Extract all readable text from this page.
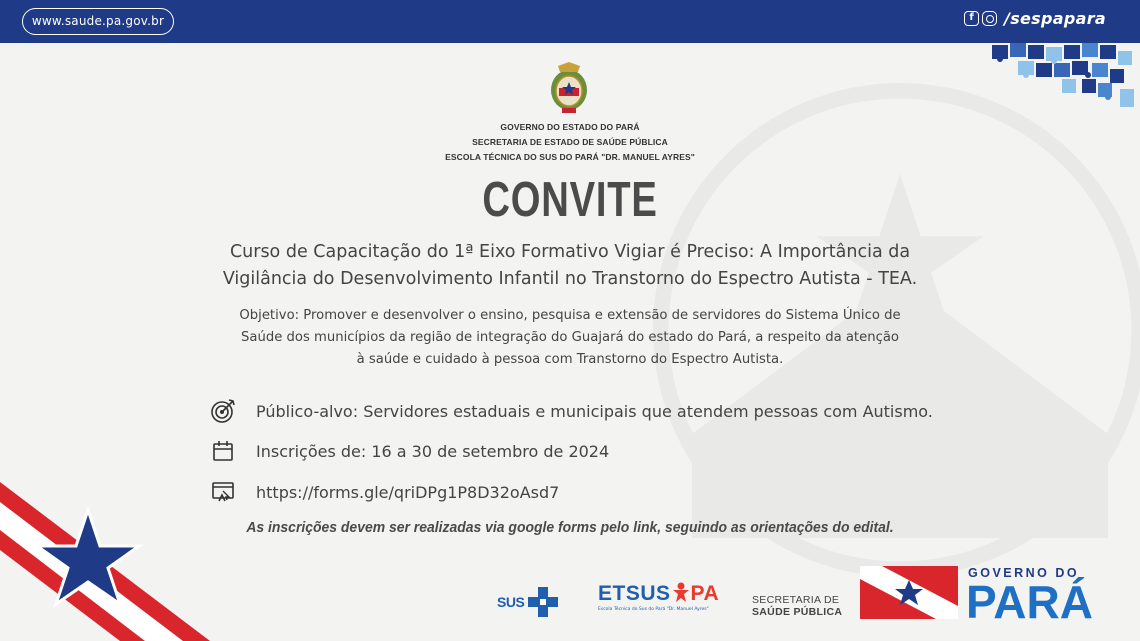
www.saude.pa.gov.br	f	/sespapara
GOVERNO DO ESTADO DO PARÁ
SECRETARIA DE ESTADO DE SAÚDE PÚBLICA
ESCOLA TÉCNICA DO SUS DO PARÁ "DR. MANUEL AYRES"
CONVITE
Curso de Capacitação do 1ª Eixo Formativo Vigiar é Preciso: A Importância da
Vigilância do Desenvolvimento Infantil no Transtorno do Espectro Autista - TEA.
Objetivo: Promover e desenvolver o ensino, pesquisa e extensão de servidores do Sistema Único de
Saúde dos municípios da região de integração do Guajará do estado do Pará, a respeito da atenção
à saúde e cuidado à pessoa com Transtorno do Espectro Autista.
Público-alvo: Servidores estaduais e municipais que atendem pessoas com Autismo.
Inscrições de: 16 a 30 de setembro de 2024
https://forms.gle/qriDPg1P8D32oAsd7
As inscrições devem ser realizadas via google forms pelo link, seguindo as orientações do edital.
SUS	ETSUS PA
Escola Técnica do Sus do Pará "Dr. Manuel Ayres"
SECRETARIA DE
SAÚDE PÚBLICA
GOVERNO DO
PARÁ
